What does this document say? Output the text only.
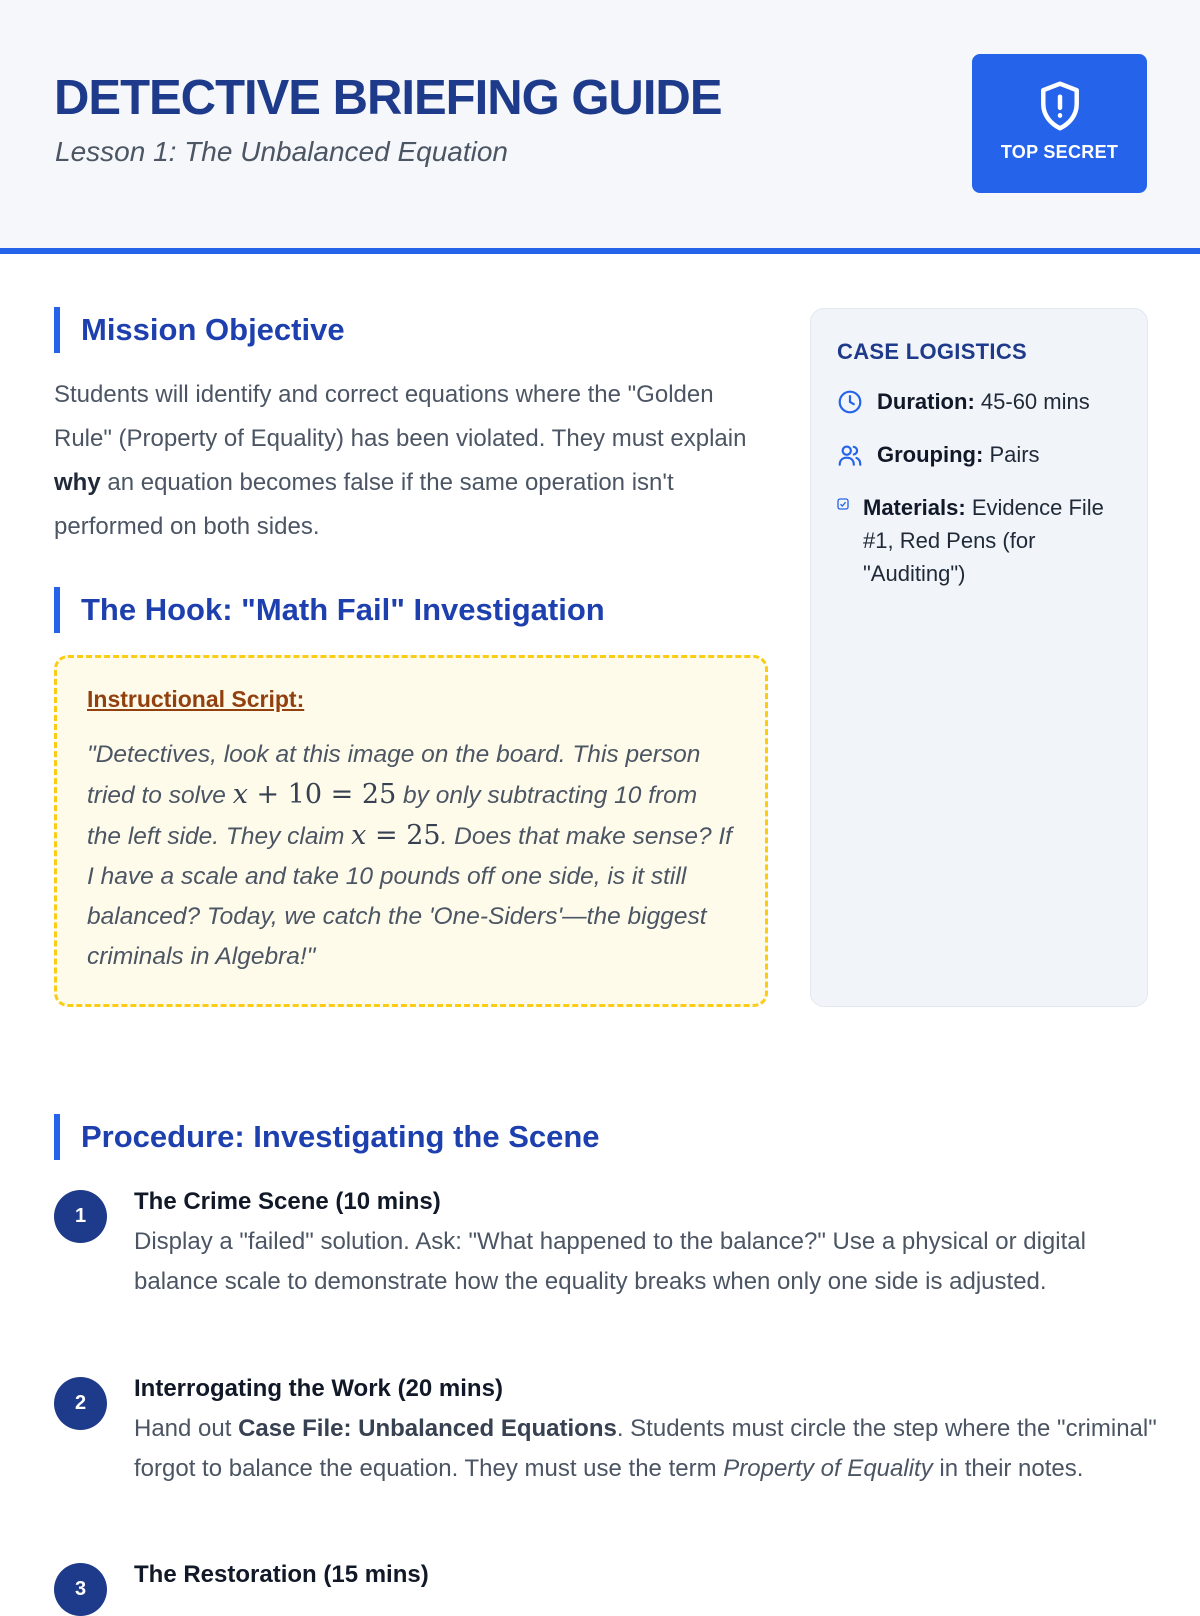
DETECTIVE BRIEFING GUIDE
Lesson 1: The Unbalanced Equation	TOP SECRET
Mission Objective

Students will identify and correct equations where the "Golden Rule" (Property of Equality) has been violated. They must explain why an equation becomes false if the same operation isn't performed on both sides.

The Hook: "Math Fail" Investigation
Instructional Script:

"Detectives, look at this image on the board. This person tried to solve x + 10 = 25 by only subtracting 10 from the left side. They claim x = 25. Does that make sense? If I have a scale and take 10 pounds off one side, is it still balanced? Today, we catch the 'One-Siders'—the biggest criminals in Algebra!"

CASE LOGISTICS
Duration: 45-60 mins
Grouping: Pairs
Materials: Evidence File #1, Red Pens (for "Auditing")
Procedure: Investigating the Scene
1
The Crime Scene (10 mins)

Display a "failed" solution. Ask: "What happened to the balance?" Use a physical or digital balance scale to demonstrate how the equality breaks when only one side is adjusted.

2
Interrogating the Work (20 mins)

Hand out Case File: Unbalanced Equations. Students must circle the step where the "criminal" forgot to balance the equation. They must use the term Property of Equality in their notes.

3
The Restoration (15 mins)
